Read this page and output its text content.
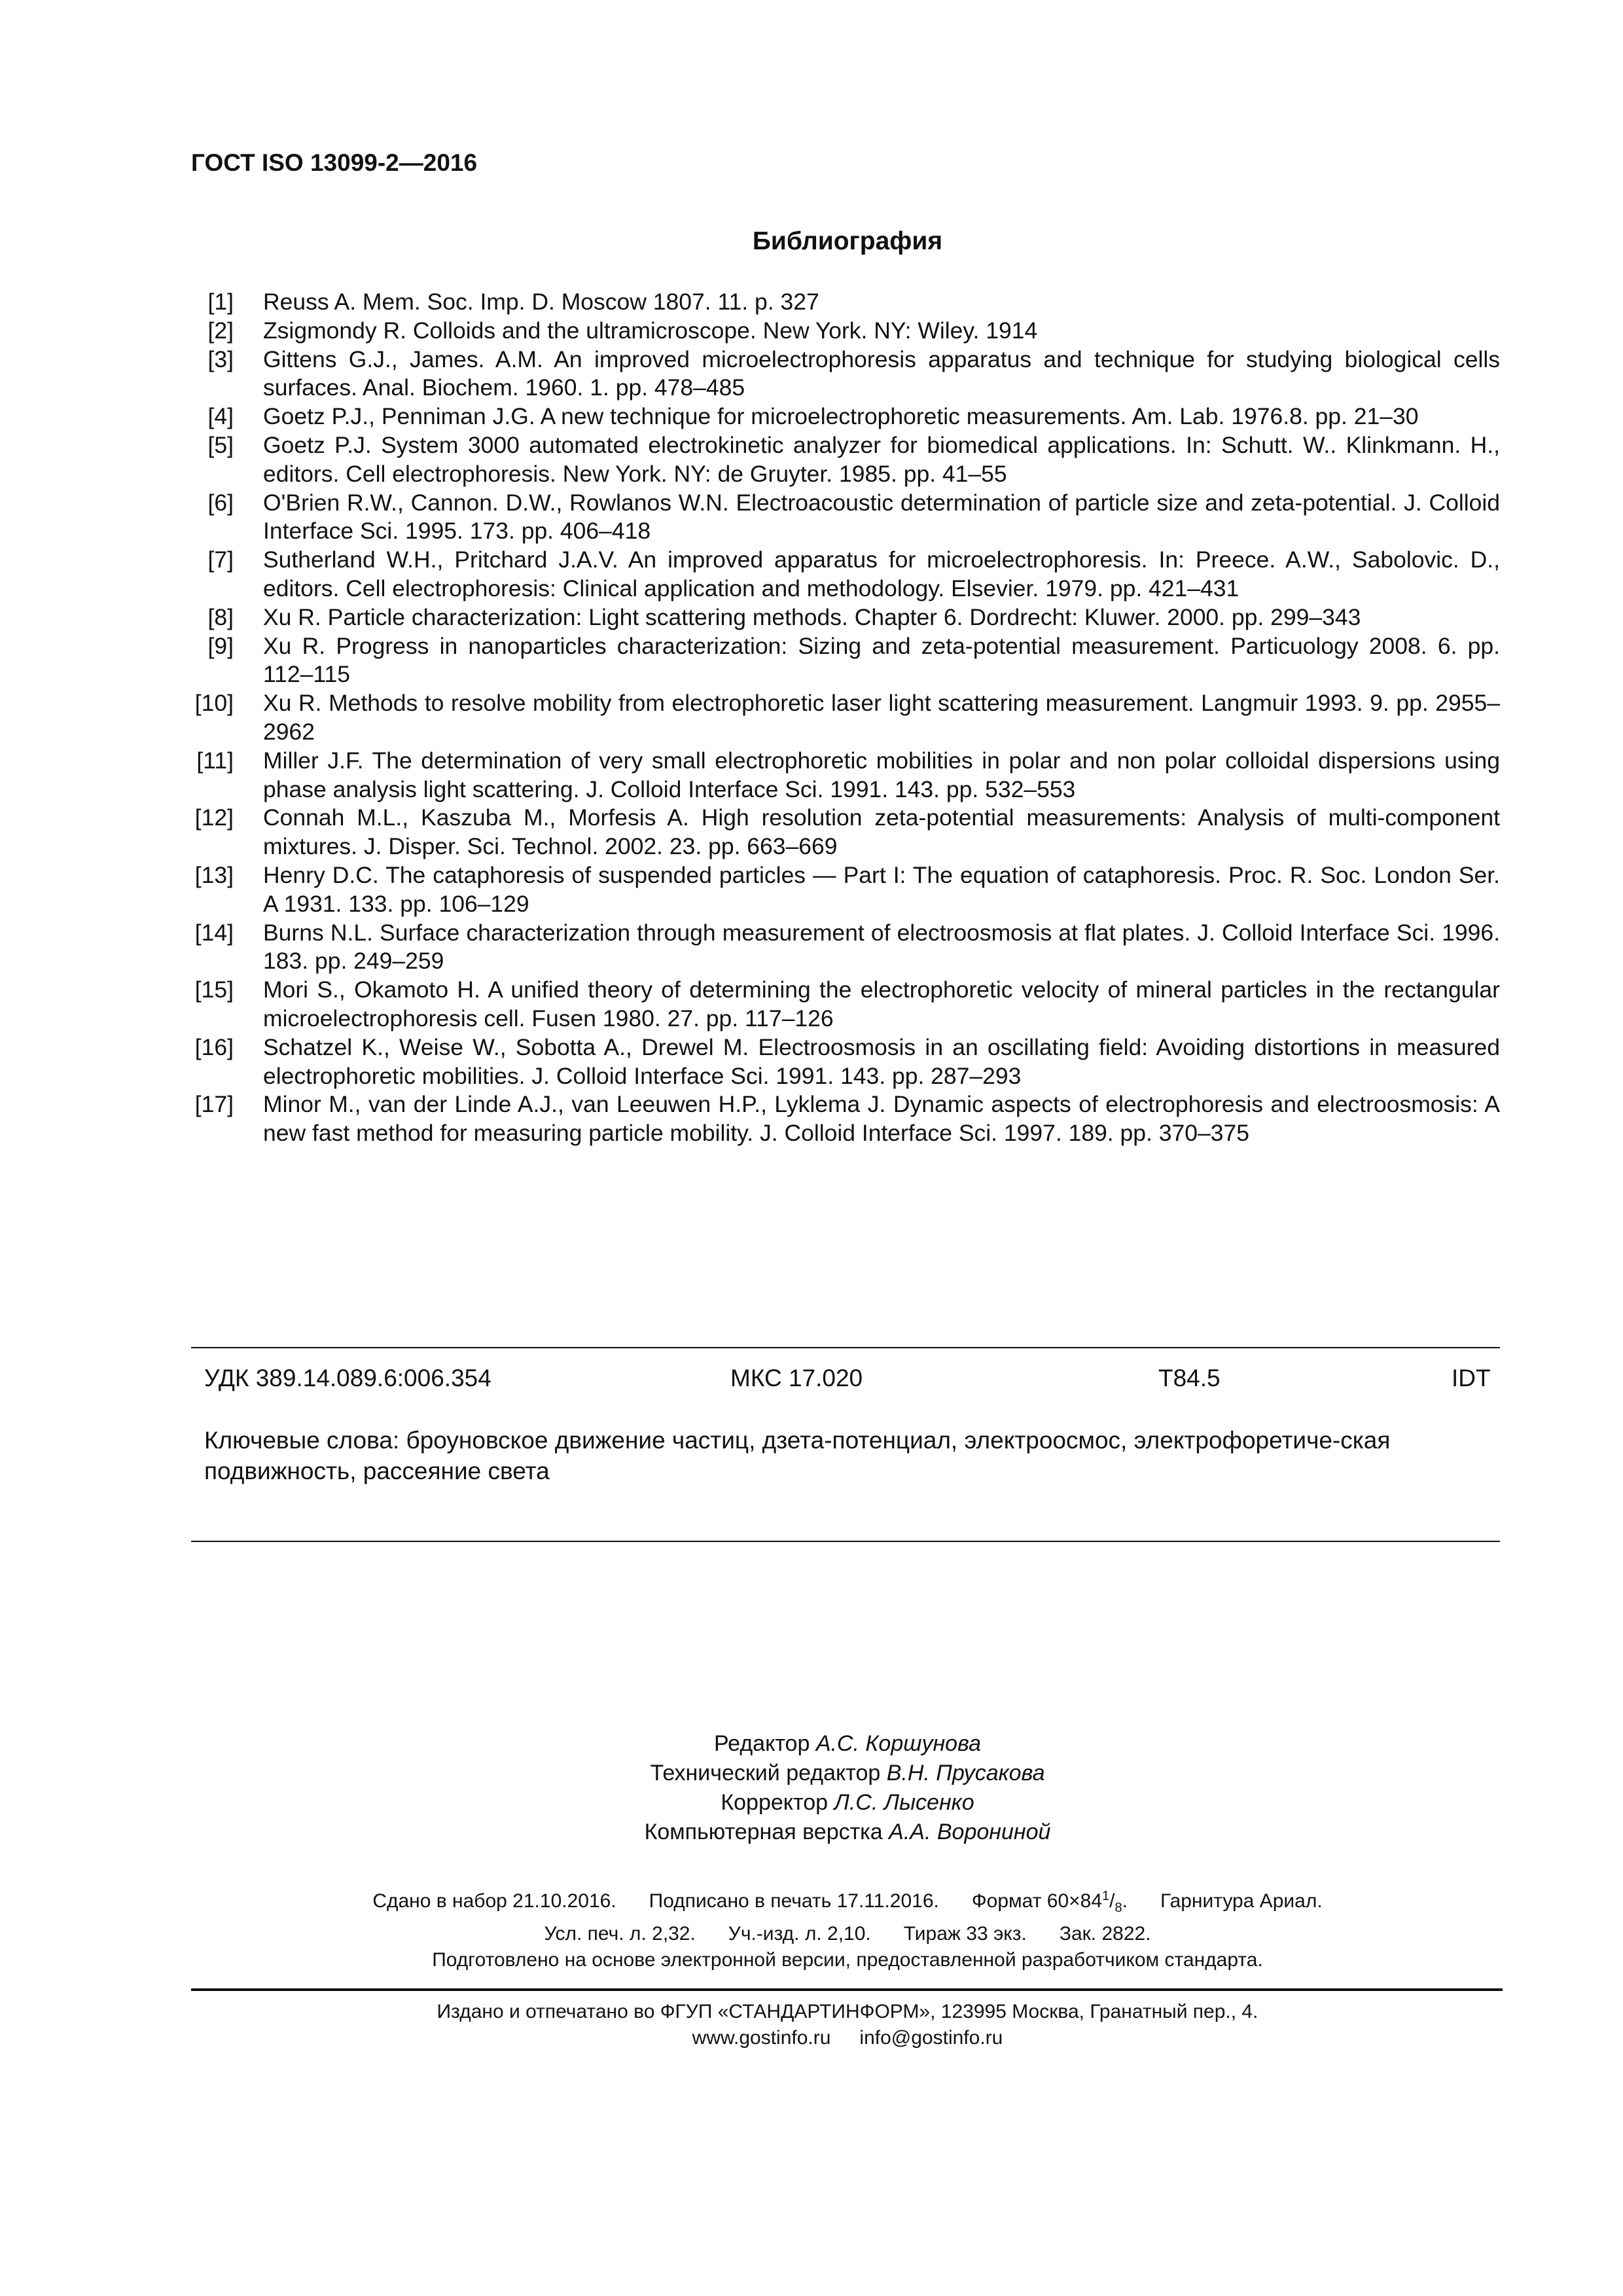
ГОСТ ISO 13099-2—2016
Библиография
[1]	Reuss A. Mem. Soc. Imp. D. Moscow 1807. 11. p. 327
[2]	Zsigmondy R. Colloids and the ultramicroscope. New York. NY: Wiley. 1914
[3]	Gittens G.J., James. A.M. An improved microelectrophoresis apparatus and technique for studying biological cells surfaces. Anal. Biochem. 1960. 1. pp. 478–485
[4]	Goetz P.J., Penniman J.G. A new technique for microelectrophoretic measurements. Am. Lab. 1976.8. pp. 21–30
[5]	Goetz P.J. System 3000 automated electrokinetic analyzer for biomedical applications. In: Schutt. W.. Klinkmann. H., editors. Cell electrophoresis. New York. NY: de Gruyter. 1985. pp. 41–55
[6]	O'Brien R.W., Cannon. D.W., Rowlanos W.N. Electroacoustic determination of particle size and zeta-potential. J. Colloid Interface Sci. 1995. 173. pp. 406–418
[7]	Sutherland W.H., Pritchard J.A.V. An improved apparatus for microelectrophoresis. In: Preece. A.W., Sabolovic. D., editors. Cell electrophoresis: Clinical application and methodology. Elsevier. 1979. pp. 421–431
[8]	Xu R. Particle characterization: Light scattering methods. Chapter 6. Dordrecht: Kluwer. 2000. pp. 299–343
[9]	Xu R. Progress in nanoparticles characterization: Sizing and zeta-potential measurement. Particuology 2008. 6. pp. 112–115
[10]	Xu R. Methods to resolve mobility from electrophoretic laser light scattering measurement. Langmuir 1993. 9. pp. 2955–2962
[11]	Miller J.F. The determination of very small electrophoretic mobilities in polar and non polar colloidal dispersions using phase analysis light scattering. J. Colloid Interface Sci. 1991. 143. pp. 532–553
[12]	Connah M.L., Kaszuba M., Morfesis A. High resolution zeta-potential measurements: Analysis of multi-component mixtures. J. Disper. Sci. Technol. 2002. 23. pp. 663–669
[13]	Henry D.C. The cataphoresis of suspended particles — Part I: The equation of cataphoresis. Proc. R. Soc. London Ser. A 1931. 133. pp. 106–129
[14]	Burns N.L. Surface characterization through measurement of electroosmosis at flat plates. J. Colloid Interface Sci. 1996. 183. pp. 249–259
[15]	Mori S., Okamoto H. A unified theory of determining the electrophoretic velocity of mineral particles in the rectangular microelectrophoresis cell. Fusen 1980. 27. pp. 117–126
[16]	Schatzel K., Weise W., Sobotta A., Drewel M. Electroosmosis in an oscillating field: Avoiding distortions in measured electrophoretic mobilities. J. Colloid Interface Sci. 1991. 143. pp. 287–293
[17]	Minor M., van der Linde A.J., van Leeuwen H.P., Lyklema J. Dynamic aspects of electrophoresis and electroosmosis: A new fast method for measuring particle mobility. J. Colloid Interface Sci. 1997. 189. pp. 370–375
УДК 389.14.089.6:006.354	МКС 17.020	T84.5	IDT
Ключевые слова: броуновское движение частиц, дзета-потенциал, электроосмос, электрофоретиче-ская подвижность, рассеяние света
Редактор А.С. Коршунова
Технический редактор В.Н. Прусакова
Корректор Л.С. Лысенко
Компьютерная верстка А.А. Ворониной
Сдано в набор 21.10.2016. Подписано в печать 17.11.2016. Формат $60\times 84^1/_8$. Гарнитура Ариал.
Усл. печ. л. 2,32. Уч.-изд. л. 2,10. Тираж 33 экз. Зак. 2822.
Подготовлено на основе электронной версии, предоставленной разработчиком стандарта.
Издано и отпечатано во ФГУП «СТАНДАРТИНФОРМ», 123995 Москва, Гранатный пер., 4.
www.gostinfo.ru info@gostinfo.ru
